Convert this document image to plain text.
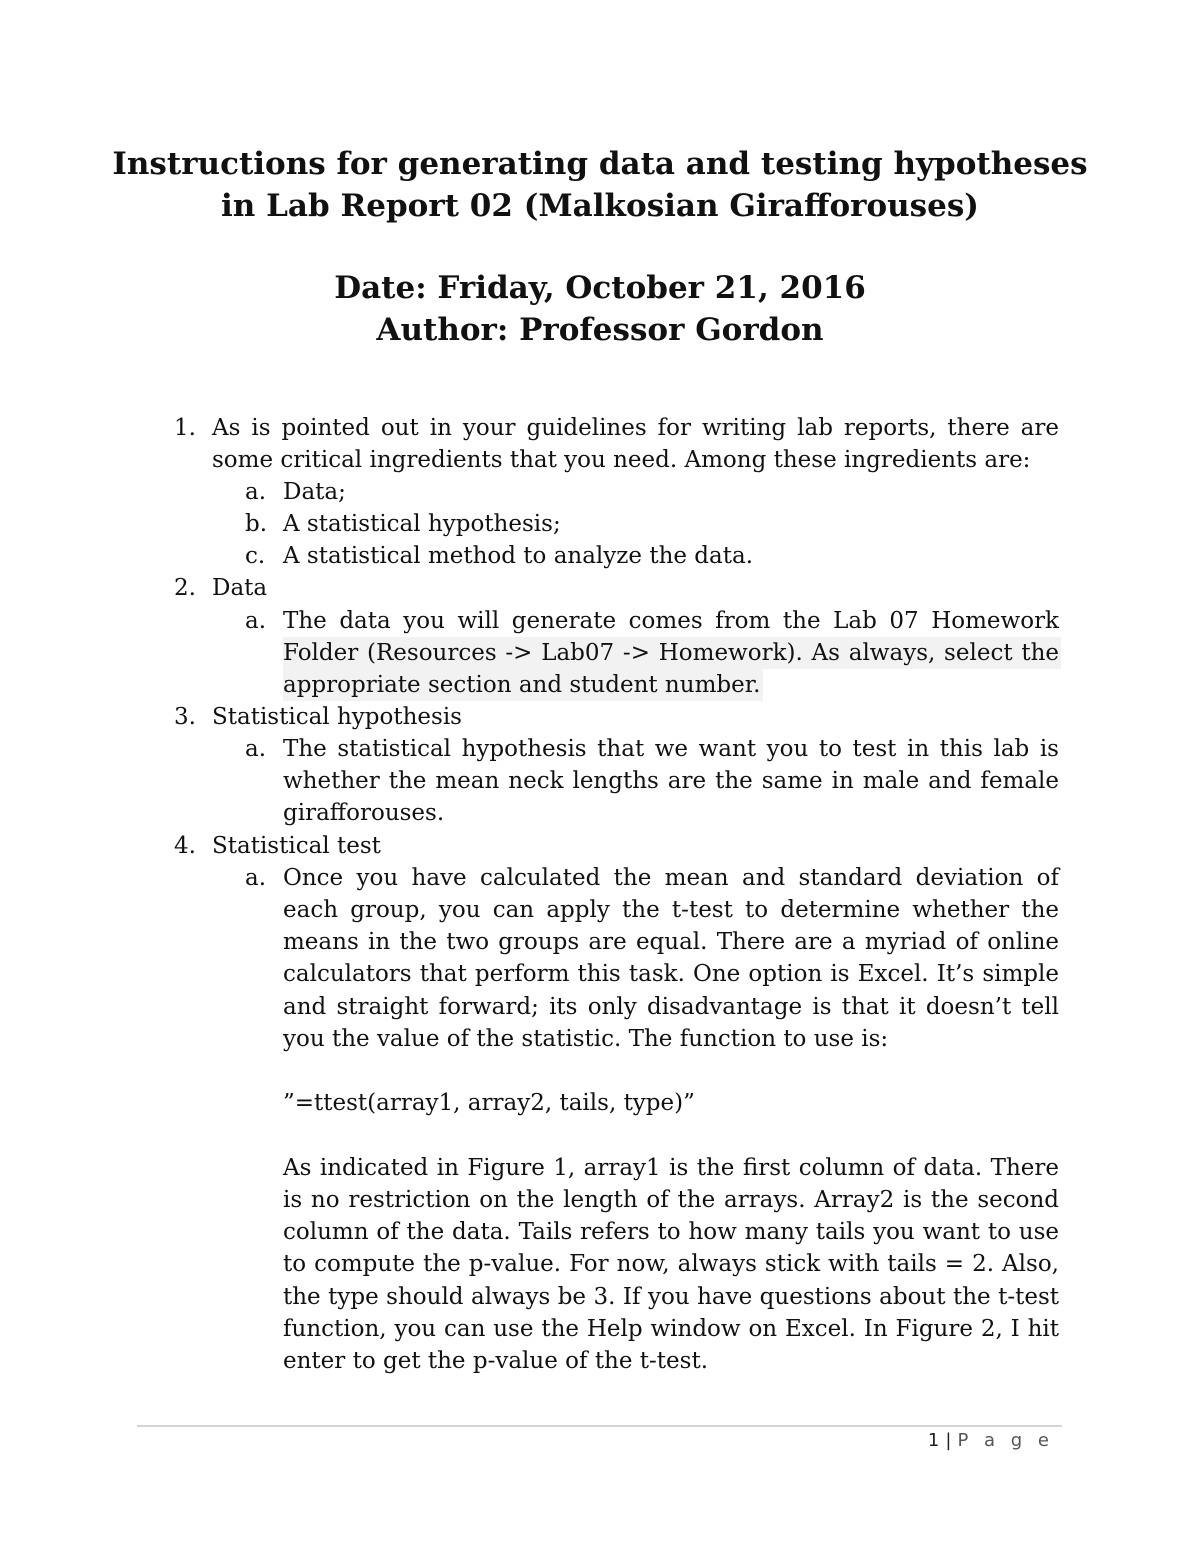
Instructions for generating data and testing hypotheses
in Lab Report 02 (Malkosian Girafforouses)
Date: Friday, October 21, 2016
Author: Professor Gordon
1. As is pointed out in your guidelines for writing lab reports, there are
some critical ingredients that you need. Among these ingredients are:
a. Data;
b. A statistical hypothesis;
c. A statistical method to analyze the data.
2. Data
a. The data you will generate comes from the Lab 07 Homework
Folder (Resources -> Lab07 -> Homework). As always, select the
appropriate section and student number.
3. Statistical hypothesis
a. The statistical hypothesis that we want you to test in this lab is
whether the mean neck lengths are the same in male and female
girafforouses.
4. Statistical test
a. Once you have calculated the mean and standard deviation of
each group, you can apply the t-test to determine whether the
means in the two groups are equal. There are a myriad of online
calculators that perform this task. One option is Excel. It’s simple
and straight forward; its only disadvantage is that it doesn’t tell
you the value of the statistic. The function to use is:
”=ttest(array1, array2, tails, type)”
As indicated in Figure 1, array1 is the first column of data. There
is no restriction on the length of the arrays. Array2 is the second
column of the data. Tails refers to how many tails you want to use
to compute the p-value. For now, always stick with tails = 2. Also,
the type should always be 3. If you have questions about the t-test
function, you can use the Help window on Excel. In Figure 2, I hit
enter to get the p-value of the t-test.
1 | P a g e
